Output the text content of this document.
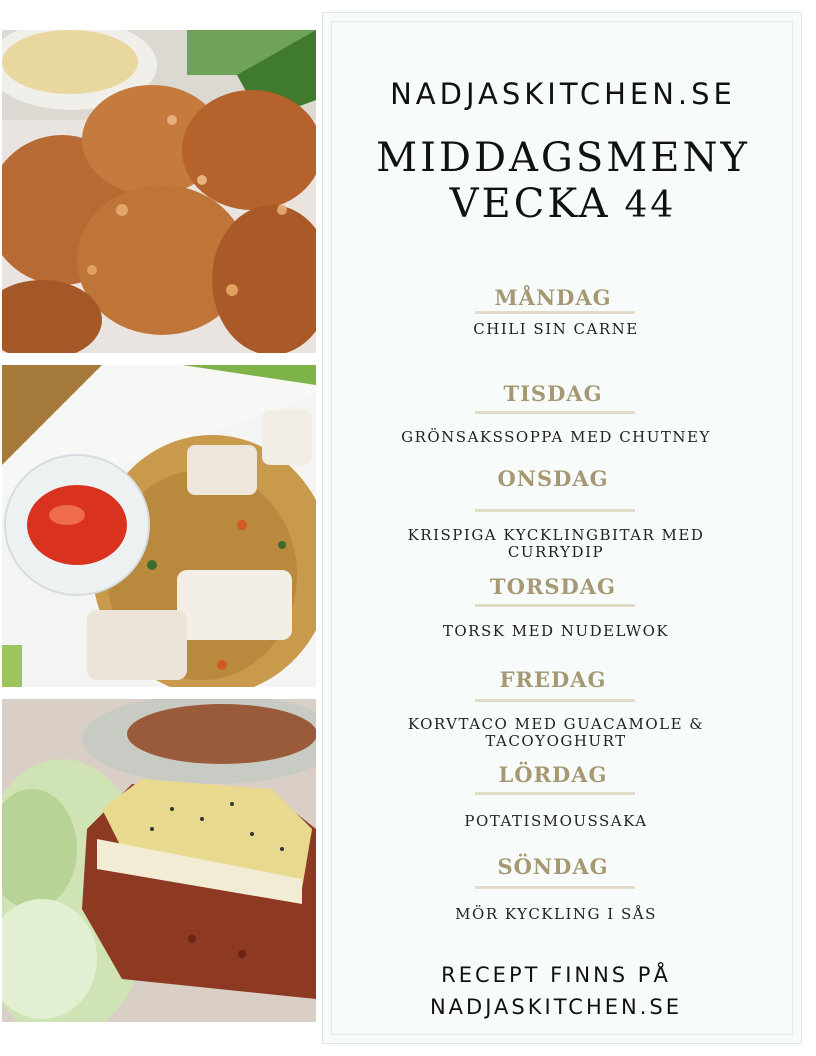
NADJASKITCHEN.SE
MIDDAGSMENY
VECKA 44
MÅNDAG
CHILI SIN CARNE
TISDAG
GRÖNSAKSSOPPA MED CHUTNEY
ONSDAG
KRISPIGA KYCKLINGBITAR MED
CURRYDIP
TORSDAG
TORSK MED NUDELWOK
FREDAG
KORVTACO MED GUACAMOLE &
TACOYOGHURT
LÖRDAG
POTATISMOUSSAKA
SÖNDAG
MÖR KYCKLING I SÅS
RECEPT FINNS PÅ
NADJASKITCHEN.SE
